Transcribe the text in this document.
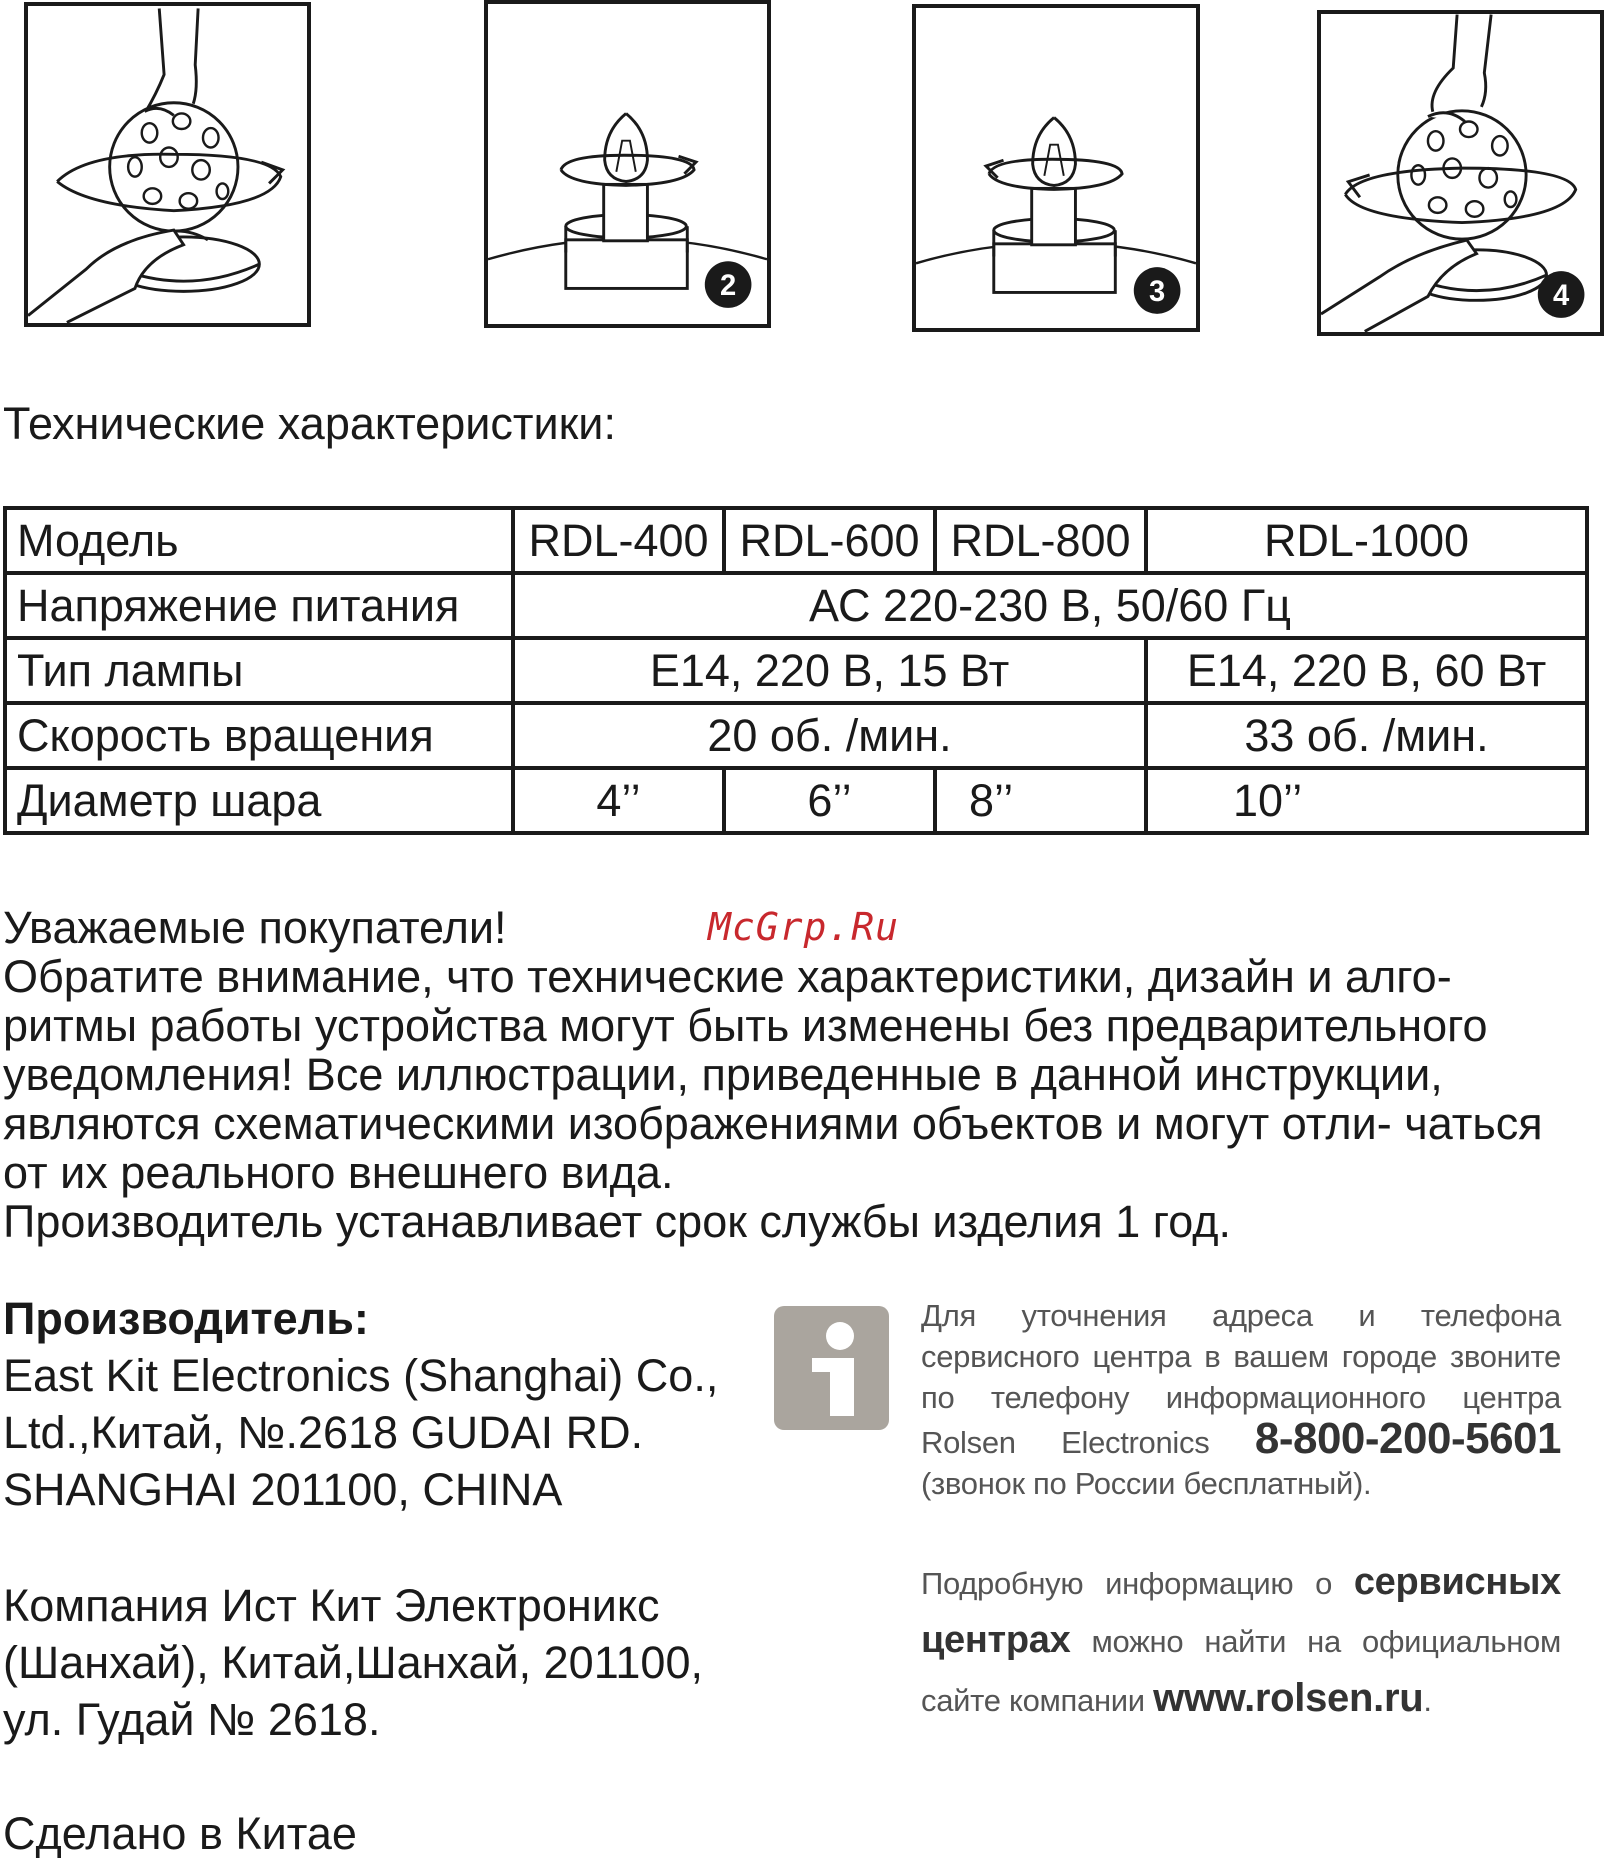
2	3	4
Технические характеристики:
Модель	RDL-400	RDL-600	RDL-800	RDL-1000
Напряжение питания	АС 220-230 В, 50/60 Гц			
Тип лампы	Е14, 220 В, 15 Вт			Е14, 220 В, 60 Вт
Скорость вращения	20 об. /мин.			33 об. /мин.
Диаметр шара	4’’	6’’	8’’	10’’

Уважаемые покупатели!

Обратите внимание, что технические характеристики, дизайн и алго- ритмы работы устройства могут быть изменены без предварительного уведомления! Все иллюстрации, приведенные в данной инструкции, являются схематическими изображениями объектов и могут отли- чаться от их реального внешнего вида.

Производитель устанавливает срок службы изделия 1 год.

McGrp.Ru

Производитель:

East Kit Electronics (Shanghai) Co.,

Ltd.,Китай, №.2618 GUDAI RD.

SHANGHAI 201100, CHINA

Компания Ист Кит Электроникс

(Шанхай), Китай,Шанхай, 201100,

ул. Гудай № 2618.

Сделано в Китае

Для уточнения адреса и телефона сервисного центра в вашем городе звоните по телефону информационного центра Rolsen Electronics 8-800-200-5601 (звонок по России бесплатный).

Подробную информацию о сервисных центрах можно найти на официальном сайте компании www.rolsen.ru.
